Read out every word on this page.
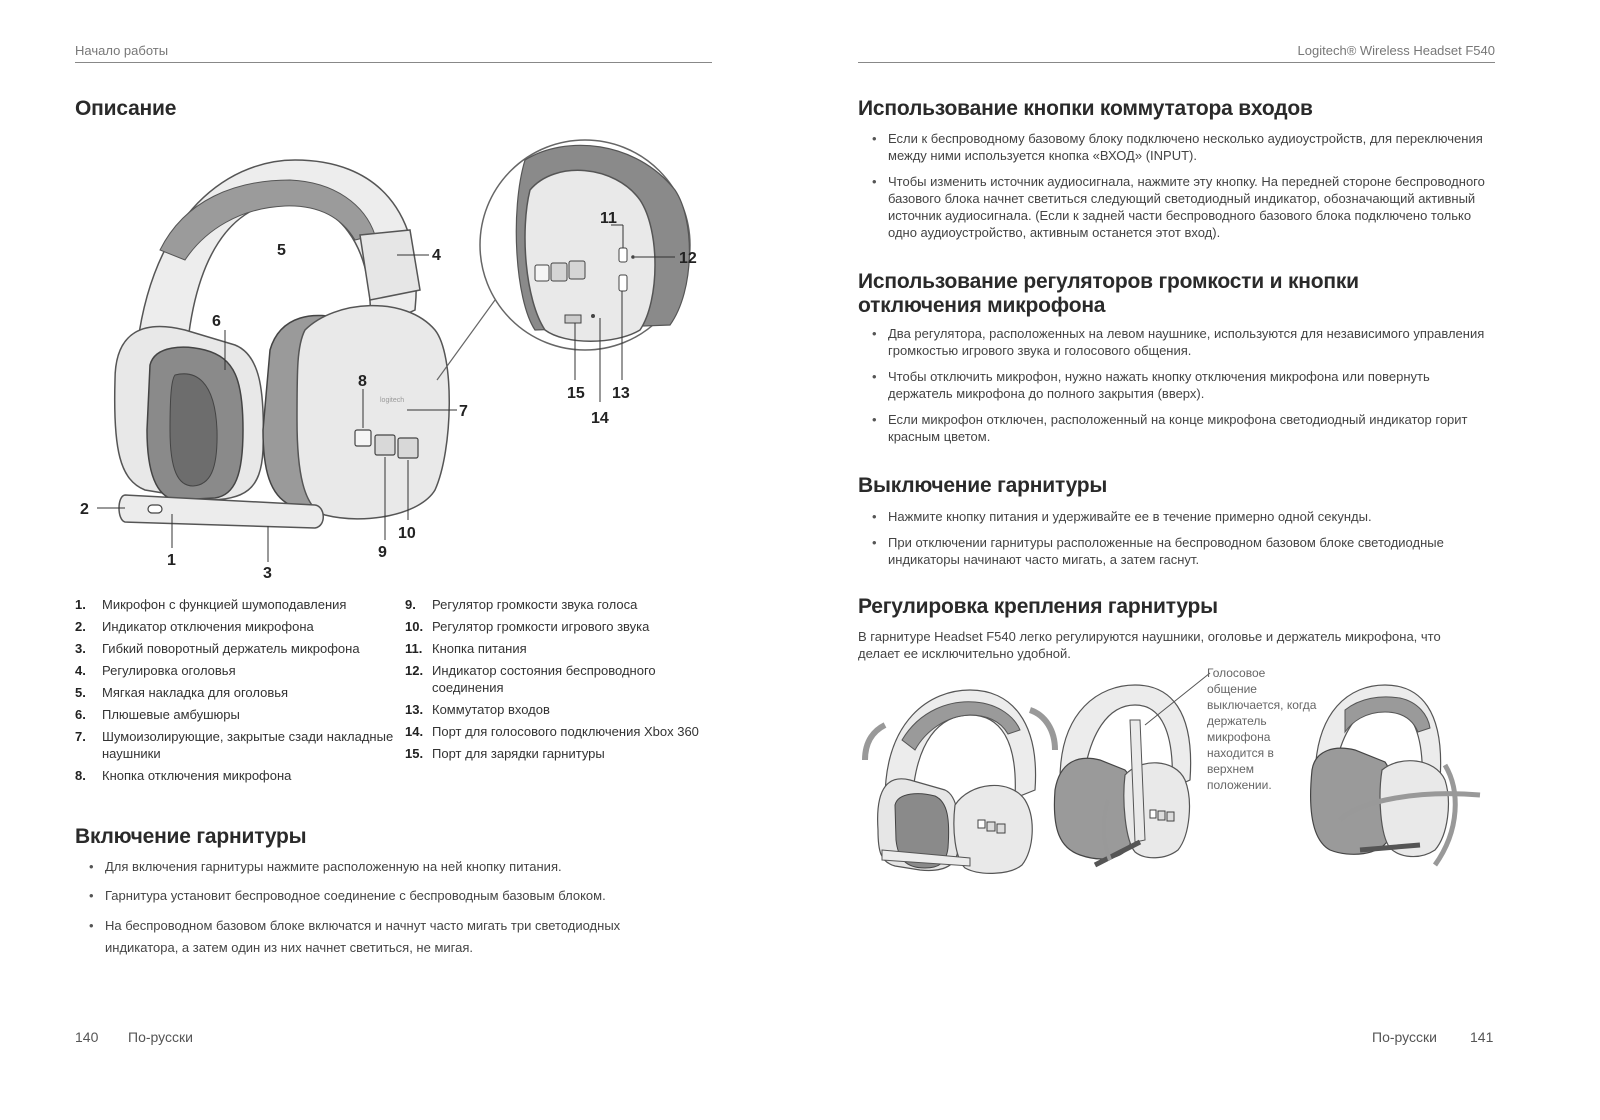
Начало работы
Описание
logitech
1
2
3
4
5
6
7
8
9
10
11
12
13
14
15
1.	Микрофон с функцией шумоподавления
2.	Индикатор отключения микрофона
3.	Гибкий поворотный держатель микрофона
4.	Регулировка оголовья
5.	Мягкая накладка для оголовья
6.	Плюшевые амбушюры
7.	Шумоизолирующие, закрытые сзади накладные наушники
8.	Кнопка отключения микрофона
9.	Регулятор громкости звука голоса
10. Регулятор громкости игрового звука
11. Кнопка питания
12. Индикатор состояния беспроводного соединения
13. Коммутатор входов
14. Порт для голосового подключения Xbox 360
15. Порт для зарядки гарнитуры
Включение гарнитуры
• Для включения гарнитуры нажмите расположенную на ней кнопку питания.
• Гарнитура установит беспроводное соединение с беспроводным базовым блоком.
• На беспроводном базовом блоке включатся и начнут часто мигать три светодиодных индикатора, а затем один из них начнет светиться, не мигая.
140 По-русски
Logitech® Wireless Headset F540
Использование кнопки коммутатора входов
• Если к беспроводному базовому блоку подключено несколько аудиоустройств, для переключения между ними используется кнопка «ВХОД» (INPUT).
• Чтобы изменить источник аудиосигнала, нажмите эту кнопку. На передней стороне беспроводного базового блока начнет светиться следующий светодиодный индикатор, обозначающий активный источник аудиосигнала. (Если к задней части беспроводного базового блока подключено только одно аудиоустройство, активным останется этот вход).
Использование регуляторов громкости и кнопки отключения микрофона
• Два регулятора, расположенных на левом наушнике, используются для независимого управления громкостью игрового звука и голосового общения.
• Чтобы отключить микрофон, нужно нажать кнопку отключения микрофона или повернуть держатель микрофона до полного закрытия (вверх).
• Если микрофон отключен, расположенный на конце микрофона светодиодный индикатор горит красным цветом.
Выключение гарнитуры
• Нажмите кнопку питания и удерживайте ее в течение примерно одной секунды.
• При отключении гарнитуры расположенные на беспроводном базовом блоке светодиодные индикаторы начинают часто мигать, а затем гаснут.
Регулировка крепления гарнитуры

В гарнитуре Headset F540 легко регулируются наушники, оголовье и держатель микрофона, что делает ее исключительно удобной.

Голосовое общение выключается, когда держатель микрофона находится в верхнем положении.
По-русски 141
